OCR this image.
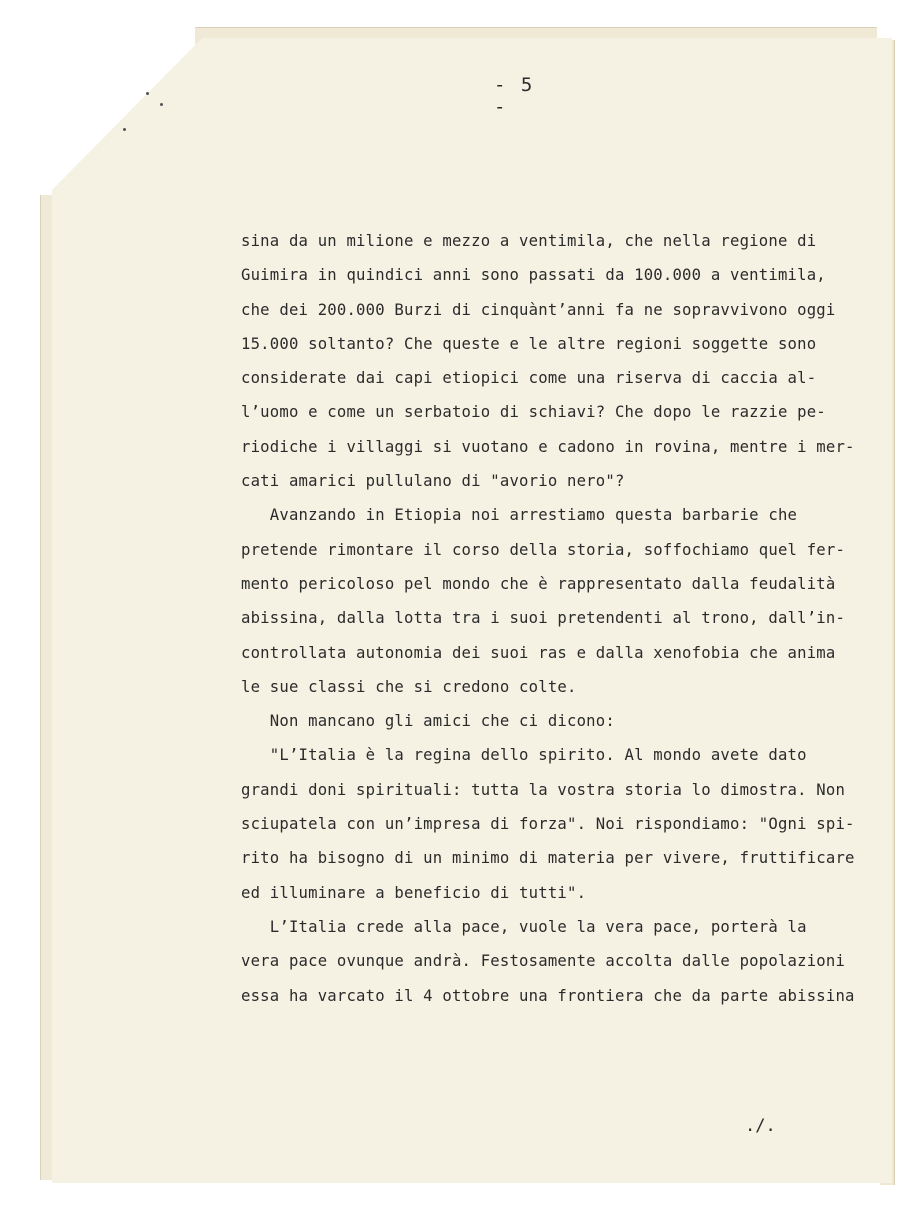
- 5 -
sina da un milione e mezzo a ventimila, che nella regione di
Guimira in quindici anni sono passati da 100.000 a ventimila,
che dei 200.000 Burzi di cinquànt’anni fa ne sopravvivono oggi
15.000 soltanto? Che queste e le altre regioni soggette sono
considerate dai capi etiopici come una riserva di caccia al-
l’uomo e come un serbatoio di schiavi? Che dopo le razzie pe-
riodiche i villaggi si vuotano e cadono in rovina, mentre i mer-
cati amarici pullulano di "avorio nero"?
Avanzando in Etiopia noi arrestiamo questa barbarie che
pretende rimontare il corso della storia, soffochiamo quel fer-
mento pericoloso pel mondo che è rappresentato dalla feudalità
abissina, dalla lotta tra i suoi pretendenti al trono, dall’in-
controllata autonomia dei suoi ras e dalla xenofobia che anima
le sue classi che si credono colte.
Non mancano gli amici che ci dicono:
"L’Italia è la regina dello spirito. Al mondo avete dato
grandi doni spirituali: tutta la vostra storia lo dimostra. Non
sciupatela con un’impresa di forza". Noi rispondiamo: "Ogni spi-
rito ha bisogno di un minimo di materia per vivere, fruttificare
ed illuminare a beneficio di tutti".
L’Italia crede alla pace, vuole la vera pace, porterà la
vera pace ovunque andrà. Festosamente accolta dalle popolazioni
essa ha varcato il 4 ottobre una frontiera che da parte abissina
./.
